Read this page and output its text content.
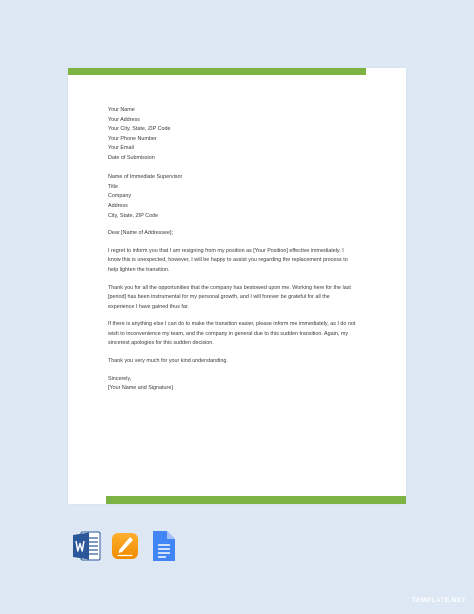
Your Name
Your Address
Your City, State, ZIP Code
Your Phone Number
Your Email
Date of Submission
Name of Immediate Supervisor
Title
Company
Address
City, State, ZIP Code
Dear [Name of Addressee];
I regret to inform you that I am resigning from my position as [Your Position] effective immediately. I
know this is unexpected, however, I will be happy to assist you regarding the replacement process to
help lighten the transition.
Thank you for all the opportunities that the company has bestowed upon me. Working here for the last
[period] has been instrumental for my personal growth, and I will forever be grateful for all the
experience I have gained thus far.
If there is anything else I can do to make the transition easier, please inform me immediately, as I do not
wish to inconvenience my team, and the company in general due to this sudden transition. Again, my
sincerest apologies for this sudden decision.
Thank you very much for your kind understanding.
Sincerely,
[Your Name and Signature]
TEMPLATE.NET
